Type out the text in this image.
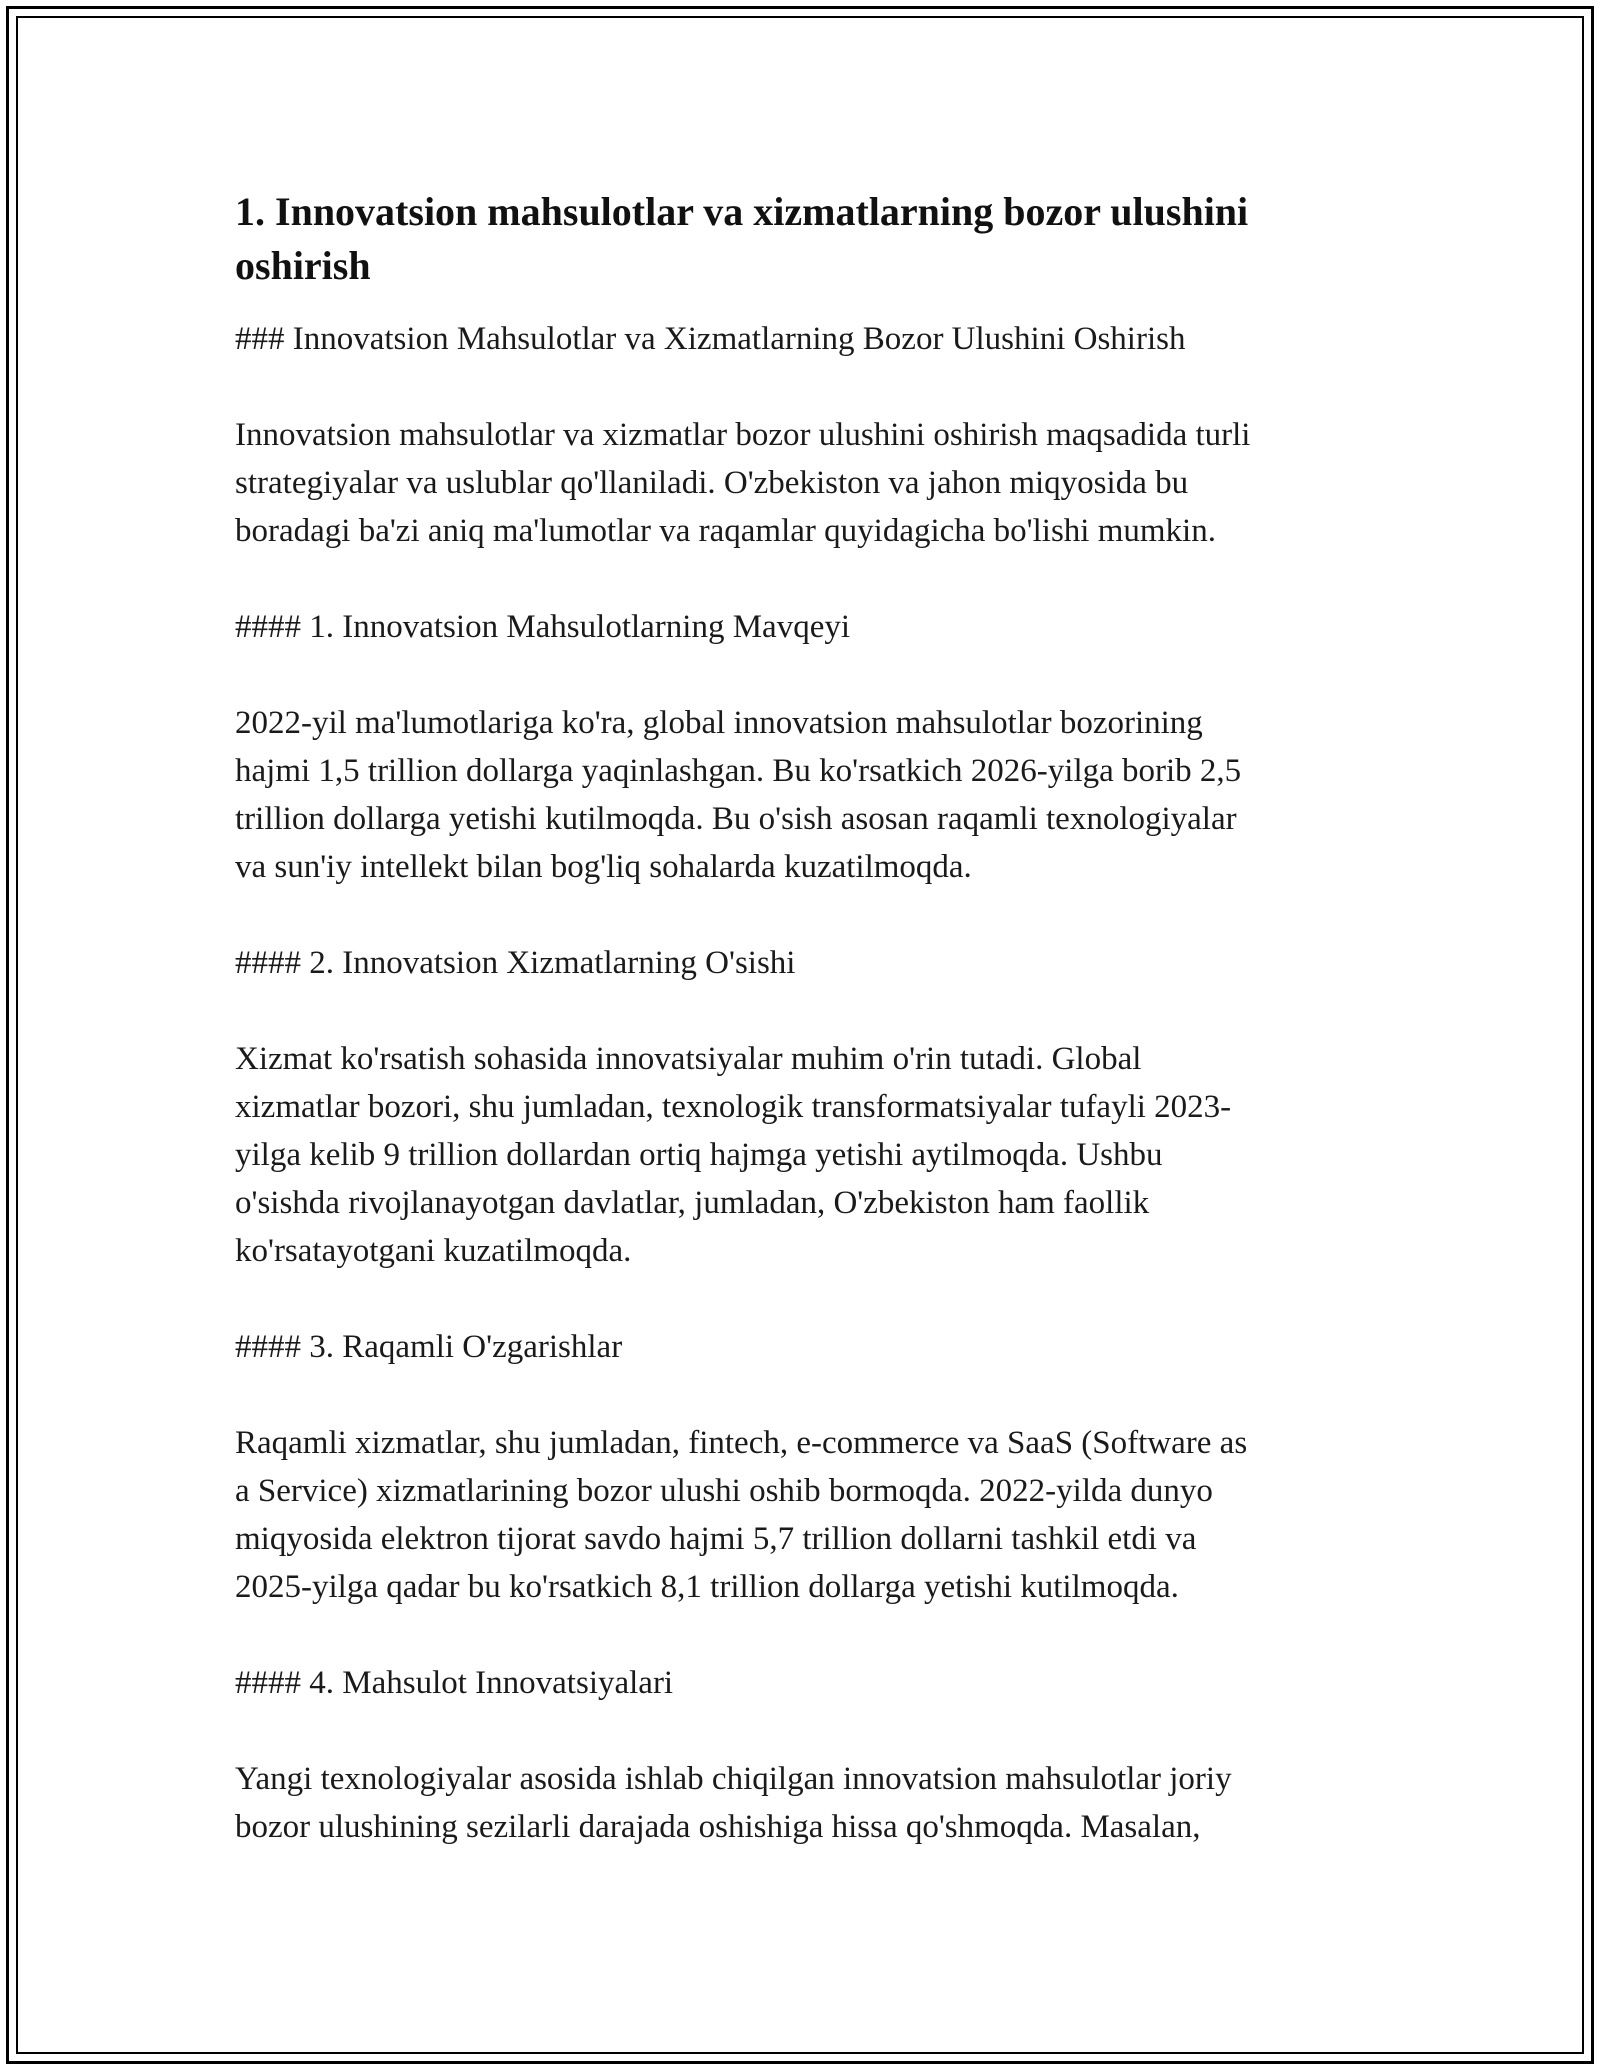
1. Innovatsion mahsulotlar va xizmatlarning bozor ulushini
oshirish

### Innovatsion Mahsulotlar va Xizmatlarning Bozor Ulushini Oshirish

Innovatsion mahsulotlar va xizmatlar bozor ulushini oshirish maqsadida turli

strategiyalar va uslublar qo'llaniladi. O'zbekiston va jahon miqyosida bu

boradagi ba'zi aniq ma'lumotlar va raqamlar quyidagicha bo'lishi mumkin.

#### 1. Innovatsion Mahsulotlarning Mavqeyi

2022-yil ma'lumotlariga ko'ra, global innovatsion mahsulotlar bozorining

hajmi 1,5 trillion dollarga yaqinlashgan. Bu ko'rsatkich 2026-yilga borib 2,5

trillion dollarga yetishi kutilmoqda. Bu o'sish asosan raqamli texnologiyalar

va sun'iy intellekt bilan bog'liq sohalarda kuzatilmoqda.

#### 2. Innovatsion Xizmatlarning O'sishi

Xizmat ko'rsatish sohasida innovatsiyalar muhim o'rin tutadi. Global

xizmatlar bozori, shu jumladan, texnologik transformatsiyalar tufayli 2023-

yilga kelib 9 trillion dollardan ortiq hajmga yetishi aytilmoqda. Ushbu

o'sishda rivojlanayotgan davlatlar, jumladan, O'zbekiston ham faollik

ko'rsatayotgani kuzatilmoqda.

#### 3. Raqamli O'zgarishlar

Raqamli xizmatlar, shu jumladan, fintech, e-commerce va SaaS (Software as

a Service) xizmatlarining bozor ulushi oshib bormoqda. 2022-yilda dunyo

miqyosida elektron tijorat savdo hajmi 5,7 trillion dollarni tashkil etdi va

2025-yilga qadar bu ko'rsatkich 8,1 trillion dollarga yetishi kutilmoqda.

#### 4. Mahsulot Innovatsiyalari

Yangi texnologiyalar asosida ishlab chiqilgan innovatsion mahsulotlar joriy

bozor ulushining sezilarli darajada oshishiga hissa qo'shmoqda. Masalan,
